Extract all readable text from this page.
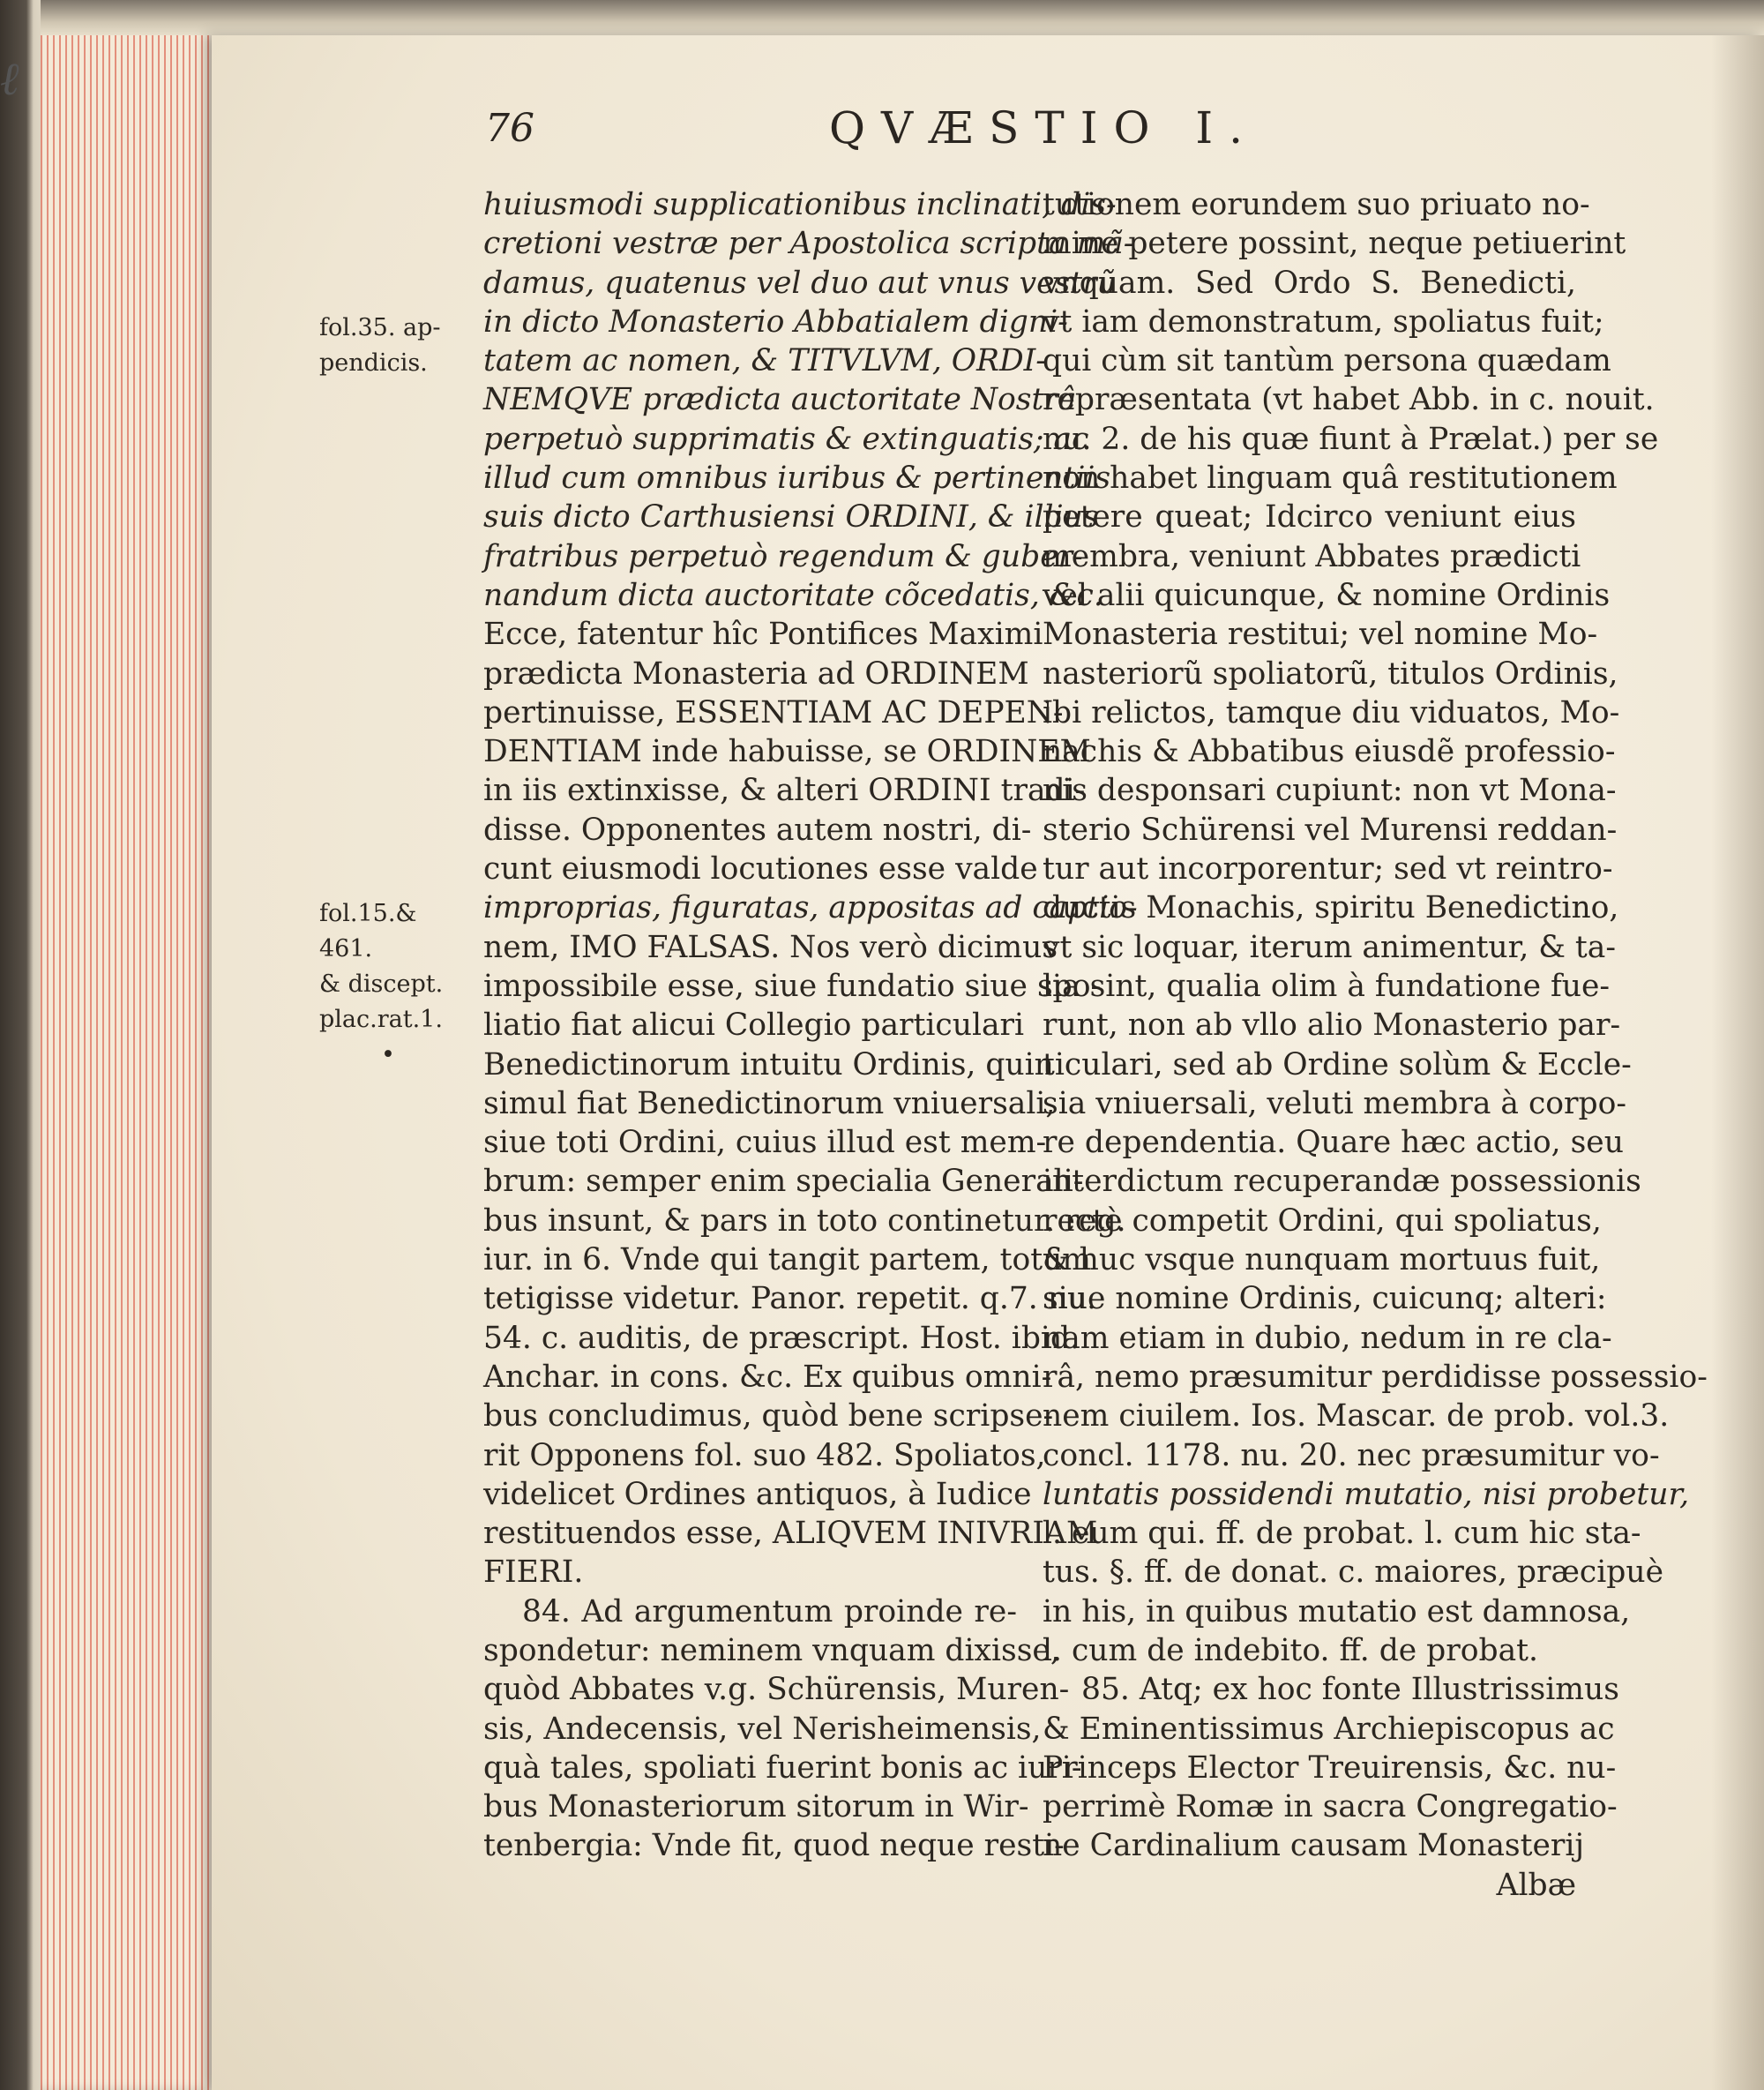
ℓ
76	QVÆSTIO I.
fol.35. ap-
pendicis.
fol.15.& 461.
& discept.
plac.rat.1.
•
huiusmodi supplicationibus inclinati, dis-
cretioni vestræ per Apostolica scripta mã-
damus, quatenus vel duo aut vnus vestrũ
in dicto Monasterio Abbatialem digni-
tatem ac nomen, & TITVLVM, ORDI-
NEMQVE prædicta auctoritate Nostrâ
perpetuò supprimatis & extinguatis; ac
illud cum omnibus iuribus & pertinentiis
suis dicto Carthusiensi ORDINI, & illius
fratribus perpetuò regendum & guber-
nandum dicta auctoritate cõcedatis, &c.
Ecce, fatentur hîc Pontifices Maximi
prædicta Monasteria ad ORDINEM
pertinuisse, ESSENTIAM AC DEPEN-
DENTIAM inde habuisse, se ORDINEM
in iis extinxisse, & alteri ORDINI tradi-
disse. Opponentes autem nostri, di-
cunt eiusmodi locutiones esse valde
improprias, figuratas, appositas ad captio-
nem, IMO FALSAS. Nos verò dicimus
impossibile esse, siue fundatio siue spo-
liatio fiat alicui Collegio particulari
Benedictinorum intuitu Ordinis, quin
simul fiat Benedictinorum vniuersali,
siue toti Ordini, cuius illud est mem-
brum: semper enim specialia Generali-
bus insunt, & pars in toto continetur. reg.
iur. in 6. Vnde qui tangit partem, totum
tetigisse videtur. Panor. repetit. q.7. nu.
54. c. auditis, de præscript. Host. ibid.
Anchar. in cons. &c. Ex quibus omni-
bus concludimus, quòd bene scripse-
rit Opponens fol. suo 482. Spoliatos,
videlicet Ordines antiquos, à Iudice
restituendos esse, ALIQVEM INIVRIAM
FIERI.
84. Ad argumentum proinde re-
spondetur: neminem vnquam dixisse,
quòd Abbates v.g. Schürensis, Muren-
sis, Andecensis, vel Nerisheimensis,
quà tales, spoliati fuerint bonis ac iuri-
bus Monasteriorum sitorum in Wir-
tenbergia: Vnde fit, quod neque resti-
tutionem eorundem suo priuato no-
mine petere possint, neque petiuerint
vnquam. Sed Ordo S. Benedicti,
vt iam demonstratum, spoliatus fuit;
qui cùm sit tantùm persona quædam
repræsentata (vt habet Abb. in c. nouit.
nu. 2. de his quæ fiunt à Prælat.) per se
non habet linguam quâ restitutionem
petere queat; Idcirco veniunt eius
membra, veniunt Abbates prædicti
vel alii quicunque, & nomine Ordinis
Monasteria restitui; vel nomine Mo-
nasteriorũ spoliatorũ, titulos Ordinis,
ibi relictos, tamque diu viduatos, Mo-
nachis & Abbatibus eiusdẽ professio-
nis desponsari cupiunt: non vt Mona-
sterio Schürensi vel Murensi reddan-
tur aut incorporentur; sed vt reintro-
ductis Monachis, spiritu Benedictino,
vt sic loquar, iterum animentur, & ta-
lia sint, qualia olim à fundatione fue-
runt, non ab vllo alio Monasterio par-
ticulari, sed ab Ordine solùm & Eccle-
sia vniuersali, veluti membra à corpo-
re dependentia. Quare hæc actio, seu
interdictum recuperandæ possessionis
rectè competit Ordini, qui spoliatus,
& huc vsque nunquam mortuus fuit,
siue nomine Ordinis, cuicunq; alteri:
nam etiam in dubio, nedum in re cla-
râ, nemo præsumitur perdidisse possessio-
nem ciuilem. Ios. Mascar. de prob. vol.3.
concl. 1178. nu. 20. nec præsumitur vo-
luntatis possidendi mutatio, nisi probetur,
l. eum qui. ff. de probat. l. cum hic sta-
tus. §. ff. de donat. c. maiores, præcipuè
in his, in quibus mutatio est damnosa,
l. cum de indebito. ff. de probat.
85. Atq; ex hoc fonte Illustrissimus
& Eminentissimus Archiepiscopus ac
Princeps Elector Treuirensis, &c. nu-
perrimè Romæ in sacra Congregatio-
ne Cardinalium causam Monasterij
Albæ
